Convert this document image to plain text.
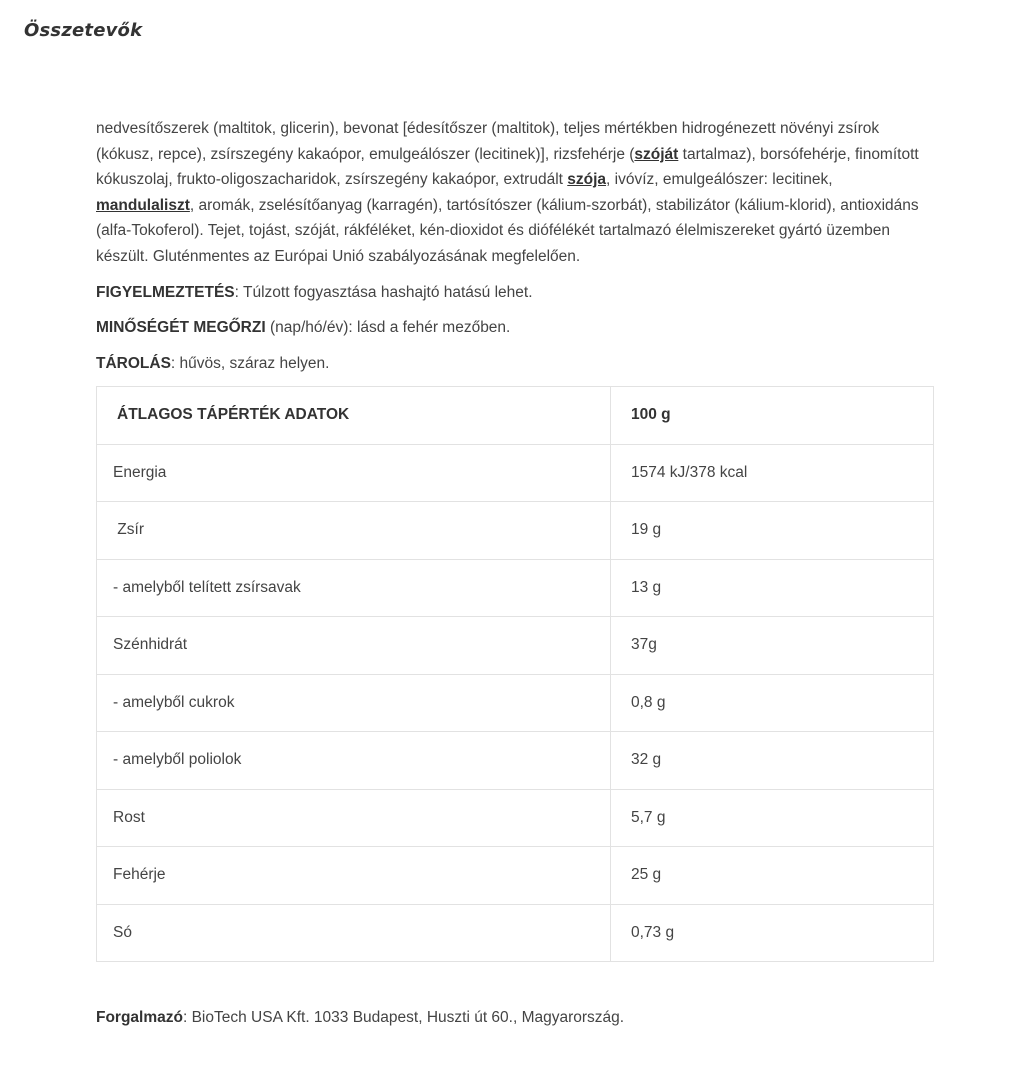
Összetevők

nedvesítőszerek (maltitok, glicerin), bevonat [édesítőszer (maltitok), teljes mértékben hidrogénezett növényi zsírok (kókusz, repce), zsírszegény kakaópor, emulgeálószer (lecitinek)], rizsfehérje (szóját tartalmaz), borsófehérje, finomított kókuszolaj, frukto-oligoszacharidok, zsírszegény kakaópor, extrudált szója, ivóvíz, emulgeálószer: lecitinek, mandulaliszt, aromák, zselésítőanyag (karragén), tartósítószer (kálium-szorbát), stabilizátor (kálium-klorid), antioxidáns (alfa-Tokoferol). Tejet, tojást, szóját, rákféléket, kén-dioxidot és diófélékét tartalmazó élelmiszereket gyártó üzemben készült. Gluténmentes az Európai Unió szabályozásának megfelelően.

FIGYELMEZTETÉS: Túlzott fogyasztása hashajtó hatású lehet.

MINŐSÉGÉT MEGŐRZI (nap/hó/év): lásd a fehér mezőben.

TÁROLÁS: hűvös, száraz helyen.

ÁTLAGOS TÁPÉRTÉK ADATOK	100 g
Energia	1574 kJ/378 kcal
Zsír	19 g
- amelyből telített zsírsavak	13 g
Szénhidrát	37g
- amelyből cukrok	0,8 g
- amelyből poliolok	32 g
Rost	5,7 g
Fehérje	25 g
Só	0,73 g

Forgalmazó: BioTech USA Kft. 1033 Budapest, Huszti út 60., Magyarország.
